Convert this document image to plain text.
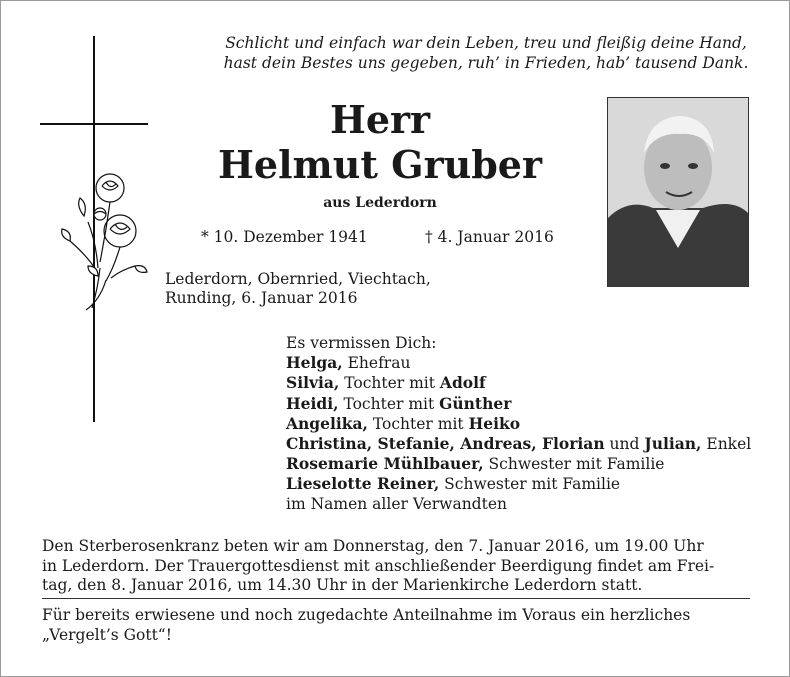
Schlicht und einfach war dein Leben, treu und fleißig deine Hand,
hast dein Bestes uns gegeben, ruh’ in Frieden, hab’ tausend Dank.
Herr
Helmut Gruber
aus Lederdorn
* 10. Dezember 1941	† 4. Januar 2016
Lederdorn, Obernried, Viechtach,
Runding, 6. Januar 2016
Es vermissen Dich:
Helga, Ehefrau
Silvia, Tochter mit Adolf
Heidi, Tochter mit Günther
Angelika, Tochter mit Heiko
Christina, Stefanie, Andreas, Florian und Julian, Enkel
Rosemarie Mühlbauer, Schwester mit Familie
Lieselotte Reiner, Schwester mit Familie
im Namen aller Verwandten
Den Sterberosenkranz beten wir am Donnerstag, den 7. Januar 2016, um 19.00 Uhr
in Lederdorn. Der Trauergottesdienst mit anschließender Beerdigung findet am Frei-
tag, den 8. Januar 2016, um 14.30 Uhr in der Marienkirche Lederdorn statt.
Für bereits erwiesene und noch zugedachte Anteilnahme im Voraus ein herzliches
„Vergelt’s Gott“!
